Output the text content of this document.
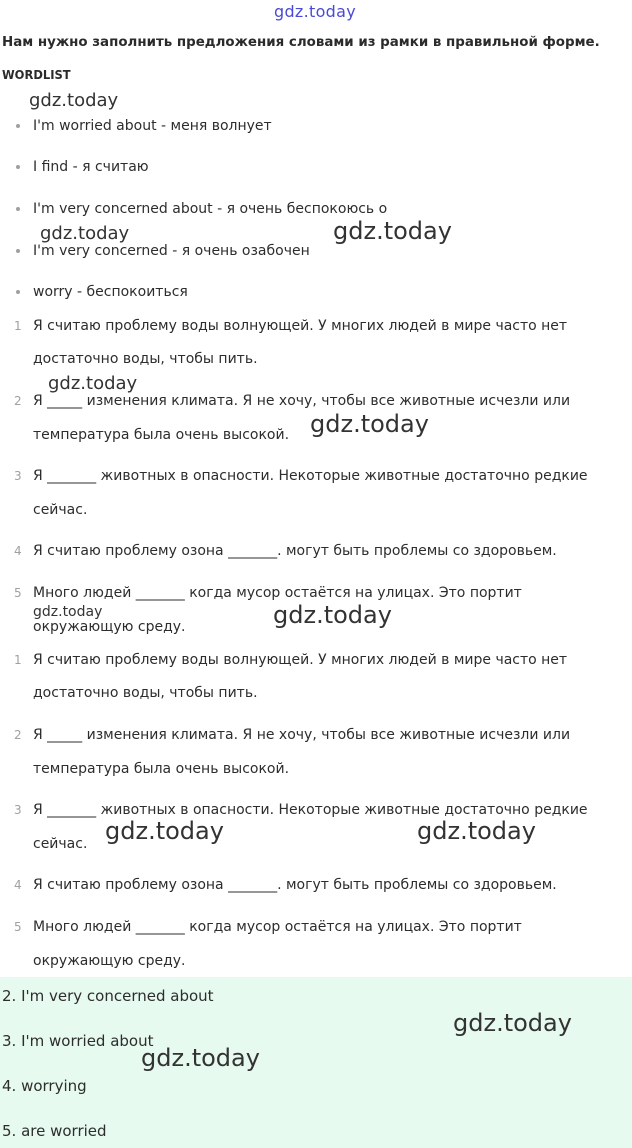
gdz.today
Нам нужно заполнить предложения словами из рамки в правильной форме.
WORDLIST
I'm worried about - меня волнует
I find - я считаю
I'm very concerned about - я очень беспокоюсь о
I'm very concerned - я очень озабочен
worry - беспокоиться
1 Я считаю проблему воды волнующей. У многих людей в мире часто нет
достаточно воды, чтобы пить.
2 Я _____ изменения климата. Я не хочу, чтобы все животные исчезли или
температура была очень высокой.
3 Я _______ животных в опасности. Некоторые животные достаточно редкие
сейчас.
4 Я считаю проблему озона _______. могут быть проблемы со здоровьем.
5 Много людей _______ когда мусор остаётся на улицах. Это портит
окружающую среду.
1 Я считаю проблему воды волнующей. У многих людей в мире часто нет
достаточно воды, чтобы пить.
2 Я _____ изменения климата. Я не хочу, чтобы все животные исчезли или
температура была очень высокой.
3 Я _______ животных в опасности. Некоторые животные достаточно редкие
сейчас.
4 Я считаю проблему озона _______. могут быть проблемы со здоровьем.
5 Много людей _______ когда мусор остаётся на улицах. Это портит
окружающую среду.
2. I'm very concerned about
3. I'm worried about
4. worrying
5. are worried
gdz.today
gdz.today	gdz.today
gdz.today
gdz.today
gdz.today	gdz.today
gdz.today	gdz.today
gdz.today
gdz.today
